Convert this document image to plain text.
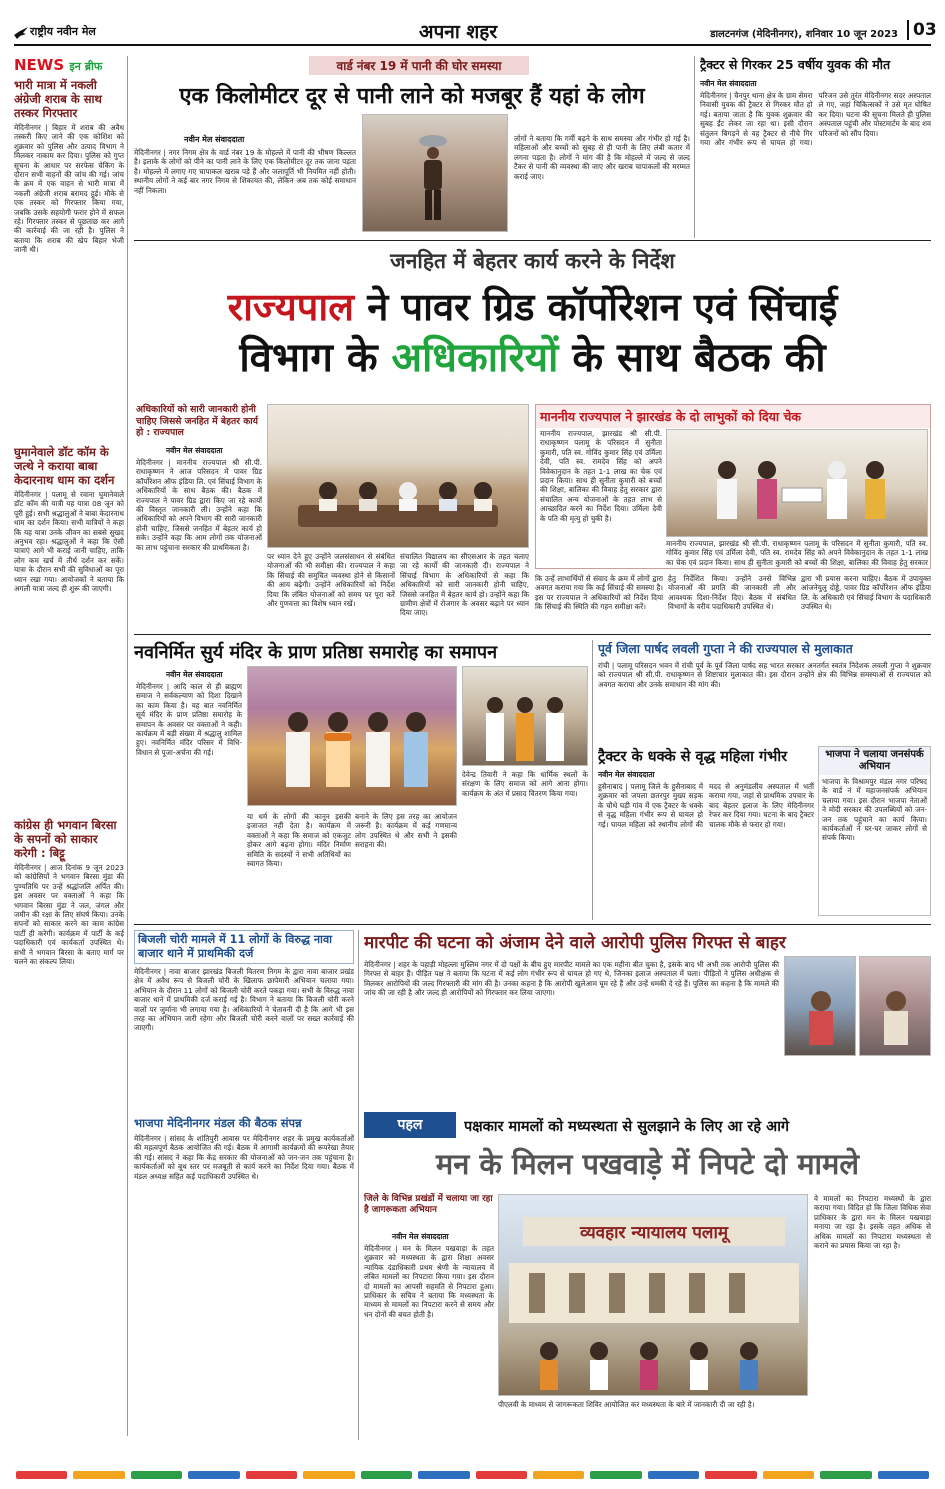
राष्ट्रीय नवीन मेल	अपना शहर	डालटनगंज (मेदिनीनगर), शनिवार 10 जून 2023 03
NEWS इन ब्रीफ
भारी मात्रा में नकली अंग्रेजी शराब के साथ तस्कर गिरफ्तार
मेदिनीनगर | बिहार में शराब की अवैध तस्करी किए जाने की एक कोशिश को शुक्रवार को पुलिस और उत्पाद विभाग ने मिलकर नाकाम कर दिया। पुलिस को गुप्त सूचना के आधार पर सरफेस चेकिंग के दौरान सभी वाहनों की जांच की गई। जांच के क्रम में एक वाहन से भारी मात्रा में नकली अंग्रेजी शराब बरामद हुई। मौके से एक तस्कर को गिरफ्तार किया गया, जबकि उसके सहयोगी फरार होने में सफल रहे। गिरफ्तार तस्कर से पूछताछ कर आगे की कार्रवाई की जा रही है। पुलिस ने बताया कि शराब की खेप बिहार भेजी जानी थी।
घुमानेवाले डॉट कॉम के जत्थे ने कराया बाबा केदारनाथ धाम का दर्शन
मेदिनीनगर | पलामू से रवाना घुमानेवाले डॉट कॉम की यात्री यह यात्रा 08 जून को पूरी हुई। सभी श्रद्धालुओं ने बाबा केदारनाथ धाम का दर्शन किया। सभी यात्रियों ने कहा कि यह यात्रा उनके जीवन का सबसे सुखद अनुभव रहा। श्रद्धालुओं ने कहा कि ऐसी यात्राएं आगे भी कराई जानी चाहिए, ताकि लोग कम खर्च में तीर्थ दर्शन कर सकें। यात्रा के दौरान सभी की सुविधाओं का पूरा ध्यान रखा गया। आयोजकों ने बताया कि अगली यात्रा जल्द ही शुरू की जाएगी।
कांग्रेस ही भगवान बिरसा के सपनों को साकार करेगी : बिट्टू
मेदिनीनगर | आज दिनांक 9 जून 2023 को कांग्रेसियों ने भगवान बिरसा मुंडा की पुण्यतिथि पर उन्हें श्रद्धांजलि अर्पित की। इस अवसर पर वक्ताओं ने कहा कि भगवान बिरसा मुंडा ने जल, जंगल और जमीन की रक्षा के लिए संघर्ष किया। उनके सपनों को साकार करने का काम कांग्रेस पार्टी ही करेगी। कार्यक्रम में पार्टी के कई पदाधिकारी एवं कार्यकर्ता उपस्थित थे। सभी ने भगवान बिरसा के बताए मार्ग पर चलने का संकल्प लिया।
वार्ड नंबर 19 में पानी की घोर समस्या
एक किलोमीटर दूर से पानी लाने को मजबूर हैं यहां के लोग
नवीन मेल संवाददाता
मेदिनीनगर | नगर निगम क्षेत्र के वार्ड नंबर 19 के मोहल्ले में पानी की भीषण किल्लत है। इलाके के लोगों को पीने का पानी लाने के लिए एक किलोमीटर दूर तक जाना पड़ता है। मोहल्ले में लगाए गए चापाकल खराब पड़े हैं और जलापूर्ति भी नियमित नहीं होती। स्थानीय लोगों ने कई बार नगर निगम से शिकायत की, लेकिन अब तक कोई समाधान नहीं निकला।
लोगों ने बताया कि गर्मी बढ़ने के साथ समस्या और गंभीर हो गई है। महिलाओं और बच्चों को सुबह से ही पानी के लिए लंबी कतार में लगना पड़ता है। लोगों ने मांग की है कि मोहल्ले में जल्द से जल्द टैंकर से पानी की व्यवस्था की जाए और खराब चापाकलों की मरम्मत कराई जाए।
ट्रैक्टर से गिरकर 25 वर्षीय युवक की मौत
नवीन मेल संवाददाता
मेदिनीनगर | चैनपुर थाना क्षेत्र के ग्राम सेमरा निवासी युवक की ट्रैक्टर से गिरकर मौत हो गई। बताया जाता है कि युवक शुक्रवार की सुबह ईंट लेकर जा रहा था। इसी दौरान संतुलन बिगड़ने से वह ट्रैक्टर से नीचे गिर गया और गंभीर रूप से घायल हो गया। परिजन उसे तुरंत मेदिनीनगर सदर अस्पताल ले गए, जहां चिकित्सकों ने उसे मृत घोषित कर दिया। घटना की सूचना मिलते ही पुलिस अस्पताल पहुंची और पोस्टमार्टम के बाद शव परिजनों को सौंप दिया।
जनहित में बेहतर कार्य करने के निर्देश
राज्यपाल ने पावर ग्रिड कॉर्पोरेशन एवं सिंचाई
विभाग के अधिकारियों के साथ बैठक की
अधिकारियों को सारी जानकारी होनी चाहिए जिससे जनहित में बेहतर कार्य हो : राज्यपाल
नवीन मेल संवाददाता
मेदिनीनगर | माननीय राज्यपाल श्री सी.पी. राधाकृष्णन ने आज परिसदन में पावर ग्रिड कॉर्पोरेशन ऑफ इंडिया लि. एवं सिंचाई विभाग के अधिकारियों के साथ बैठक की। बैठक में राज्यपाल ने पावर ग्रिड द्वारा किए जा रहे कार्यों की विस्तृत जानकारी ली। उन्होंने कहा कि अधिकारियों को अपने विभाग की सारी जानकारी होनी चाहिए, जिससे जनहित में बेहतर कार्य हो सके। उन्होंने कहा कि आम लोगों तक योजनाओं का लाभ पहुंचाना सरकार की प्राथमिकता है।
पर ध्यान देने हुए उन्होंने जलसंसाधन से संबंधित योजनाओं की भी समीक्षा की। राज्यपाल ने कहा कि सिंचाई की समुचित व्यवस्था होने से किसानों की आय बढ़ेगी। उन्होंने अधिकारियों को निर्देश दिया कि लंबित योजनाओं को समय पर पूरा करें और गुणवत्ता का विशेष ध्यान रखें।
संचालित विद्यालय का सीएसआर के तहत चलाए जा रहे कार्यों की जानकारी दी। राज्यपाल ने सिंचाई विभाग के अधिकारियों से कहा कि अधिकारियों को सारी जानकारी होनी चाहिए, जिससे जनहित में बेहतर कार्य हो। उन्होंने कहा कि ग्रामीण क्षेत्रों में रोजगार के अवसर बढ़ाने पर ध्यान दिया जाए।
माननीय राज्यपाल ने झारखंड के दो लाभुकों को दिया चेक
माननीय राज्यपाल, झारखंड श्री सी.पी. राधाकृष्णन पलामू के परिसदन में सुनीता कुमारी, पति स्व. गोविंद कुमार सिंह एवं उर्मिला देवी, पति स्व. रामदेव सिंह को अपने विवेकानुदान के तहत 1-1 लाख का चेक एवं प्रदान किया। साथ ही सुनीता कुमारी को बच्चों की शिक्षा, बालिका की विवाह हेतु सरकार द्वारा संचालित अन्य योजनाओं के तहत लाभ से आच्छादित करने का निर्देश दिया। उर्मिला देवी के पति की मृत्यु हो चुकी है।
माननीय राज्यपाल, झारखंड श्री सी.पी. राधाकृष्णन पलामू के परिसदन में सुनीता कुमारी, पति स्व. गोविंद कुमार सिंह एवं उर्मिला देवी, पति स्व. रामदेव सिंह को अपने विवेकानुदान के तहत 1-1 लाख का चेक एवं प्रदान किया। साथ ही सुनीता कुमारी को बच्चों की शिक्षा, बालिका की विवाह हेतु सरकार
कि उन्हें लाभार्थियों से संवाद के क्रम में लोगों द्वारा अवगत कराया गया कि कई सिंचाई की समस्या है। इस पर राज्यपाल ने अधिकारियों को निर्देश दिया कि सिंचाई की स्थिति की गहन समीक्षा करें।
हेतु निर्देशित किया। उन्होंने उनसे विभिन्न योजनाओं की प्रगति की जानकारी ली और आवश्यक दिशा-निर्देश दिए। बैठक में संबंधित विभागों के वरीय पदाधिकारी उपस्थित थे।
द्वारा भी प्रयास करना चाहिए। बैठक में उपायुक्त आंजनेयुलु दोड्डे, पावर ग्रिड कॉर्पोरेशन ऑफ इंडिया लि. के अधिकारी एवं सिंचाई विभाग के पदाधिकारी उपस्थित थे।
नवनिर्मित सुर्य मंदिर के प्राण प्रतिष्ठा समारोह का समापन
नवीन मेल संवाददाता
मेदिनीनगर | आदि काल से ही ब्राह्मण समाज ने सर्वकल्याण को दिशा दिखाने का काम किया है। यह बात नवनिर्मित सूर्य मंदिर के प्राण प्रतिष्ठा समारोह के समापन के अवसर पर वक्ताओं ने कही। कार्यक्रम में बड़ी संख्या में श्रद्धालु शामिल हुए। नवनिर्मित मंदिर परिसर में विधि-विधान से पूजा-अर्चना की गई।
या धर्म के लोगों की कानून इसकी इजाजत नहीं देता है। कार्यक्रम में वक्ताओं ने कहा कि समाज को एकजुट होकर आगे बढ़ना होगा। मंदिर निर्माण समिति के सदस्यों ने सभी अतिथियों का स्वागत किया।
बनाने के लिए इस तरह का आयोजन जरूरी है। कार्यक्रम में कई गणमान्य लोग उपस्थित थे और सभी ने इसकी सराहना की।
देवेन्द्र तिवारी ने कहा कि धार्मिक स्थलों के संरक्षण के लिए समाज को आगे आना होगा। कार्यक्रम के अंत में प्रसाद वितरण किया गया।
पूर्व जिला पार्षद लवली गुप्ता ने की राज्यपाल से मुलाकात
रांची | पलामू परिसदन भवन में रांची पूर्व के पूर्व जिला पार्षद सह भारत सरकार अनतर्गत स्वतंत्र निदेशक लवली गुप्ता ने शुक्रवार को राज्यपाल श्री सी.पी. राधाकृष्णन से शिष्टाचार मुलाकात की। इस दौरान उन्होंने क्षेत्र की विभिन्न समस्याओं से राज्यपाल को अवगत कराया और उनके समाधान की मांग की।
ट्रैक्टर के धक्के से वृद्ध महिला गंभीर
नवीन मेल संवाददाता
हुसैनाबाद | पलामू जिले के हुसैनाबाद में शुक्रवार को जपला छतरपुर मुख्य सड़क के चौथे घड़ी गांव में एक ट्रैक्टर के धक्के से वृद्ध महिला गंभीर रूप से घायल हो गई। घायल महिला को स्थानीय लोगों की मदद से अनुमंडलीय अस्पताल में भर्ती कराया गया, जहां से प्राथमिक उपचार के बाद बेहतर इलाज के लिए मेदिनीनगर रेफर कर दिया गया। घटना के बाद ट्रैक्टर चालक मौके से फरार हो गया।
भाजपा ने चलाया जनसंपर्क अभियान
भाजपा के विश्रामपुर मंडल नगर परिषद के वार्ड नं में महाजनसंपर्क अभियान चलाया गया। इस दौरान भाजपा नेताओं ने मोदी सरकार की उपलब्धियों को जन-जन तक पहुंचाने का कार्य किया। कार्यकर्ताओं ने घर-घर जाकर लोगों से संपर्क किया।
बिजली चोरी मामले में 11 लोगों के विरुद्ध नावा बाजार थाने में प्राथमिकी दर्ज
मेदिनीनगर | नावा बाजार झारखंड बिजली वितरण निगम के द्वारा नावा बाजार प्रखंड क्षेत्र में अवैध रूप से बिजली चोरी के खिलाफ छापेमारी अभियान चलाया गया। अभियान के दौरान 11 लोगों को बिजली चोरी करते पकड़ा गया। सभी के विरुद्ध नावा बाजार थाने में प्राथमिकी दर्ज कराई गई है। विभाग ने बताया कि बिजली चोरी करने वालों पर जुर्माना भी लगाया गया है। अधिकारियों ने चेतावनी दी है कि आगे भी इस तरह का अभियान जारी रहेगा और बिजली चोरी करने वालों पर सख्त कार्रवाई की जाएगी।
भाजपा मेदिनीनगर मंडल की बैठक संपन्न
मेदिनीनगर | सांसद के शांतिपुरी आवास पर मेदिनीनगर शहर के प्रमुख कार्यकर्ताओं की महत्वपूर्ण बैठक आयोजित की गई। बैठक में आगामी कार्यक्रमों की रूपरेखा तैयार की गई। सांसद ने कहा कि केंद्र सरकार की योजनाओं को जन-जन तक पहुंचाना है। कार्यकर्ताओं को बूथ स्तर पर मजबूती से कार्य करने का निर्देश दिया गया। बैठक में मंडल अध्यक्ष सहित कई पदाधिकारी उपस्थित थे।
मारपीट की घटना को अंजाम देने वाले आरोपी पुलिस गिरफ्त से बाहर
मेदिनीनगर | शहर के पहाड़ी मोहल्ला मुस्लिम नगर में दो पक्षों के बीच हुए मारपीट मामले का एक महीना बीत चुका है, इसके बाद भी अभी तक आरोपी पुलिस की गिरफ्त से बाहर हैं। पीड़ित पक्ष ने बताया कि घटना में कई लोग गंभीर रूप से घायल हो गए थे, जिनका इलाज अस्पताल में चला। पीड़ितों ने पुलिस अधीक्षक से मिलकर आरोपियों की जल्द गिरफ्तारी की मांग की है। उनका कहना है कि आरोपी खुलेआम घूम रहे हैं और उन्हें धमकी दे रहे हैं। पुलिस का कहना है कि मामले की जांच की जा रही है और जल्द ही आरोपियों को गिरफ्तार कर लिया जाएगा।
पहल	पक्षकार मामलों को मध्यस्थता से सुलझाने के लिए आ रहे आगे
मन के मिलन पखवाड़े में निपटे दो मामले
जिले के विभिन्न प्रखंडों में चलाया जा रहा है जागरूकता अभियान
नवीन मेल संवाददाता
मेदिनीनगर | मन के मिलन पखवाड़ा के तहत शुक्रवार को मध्यस्थता के द्वारा शिक्षा अवसर न्यायिक दंडाधिकारी प्रथम श्रेणी के न्यायालय में लंबित मामलों का निपटारा किया गया। इस दौरान दो मामलों का आपसी सहमति से निपटारा हुआ। प्राधिकार के सचिव ने बताया कि मध्यस्थता के माध्यम से मामलों का निपटारा करने से समय और धन दोनों की बचत होती है।
व्यवहार न्यायालय पलामू
पीएलवी के माध्यम से जागरूकता शिविर आयोजित कर मध्यस्थता के बारे में जानकारी दी जा रही है।
वे मामलों का निपटारा मध्यस्थों के द्वारा कराया गया। विदित हो कि जिला विधिक सेवा प्राधिकार के द्वारा मन के मिलन पखवाड़ा मनाया जा रहा है। इसके तहत अधिक से अधिक मामलों का निपटारा मध्यस्थता से कराने का प्रयास किया जा रहा है।
